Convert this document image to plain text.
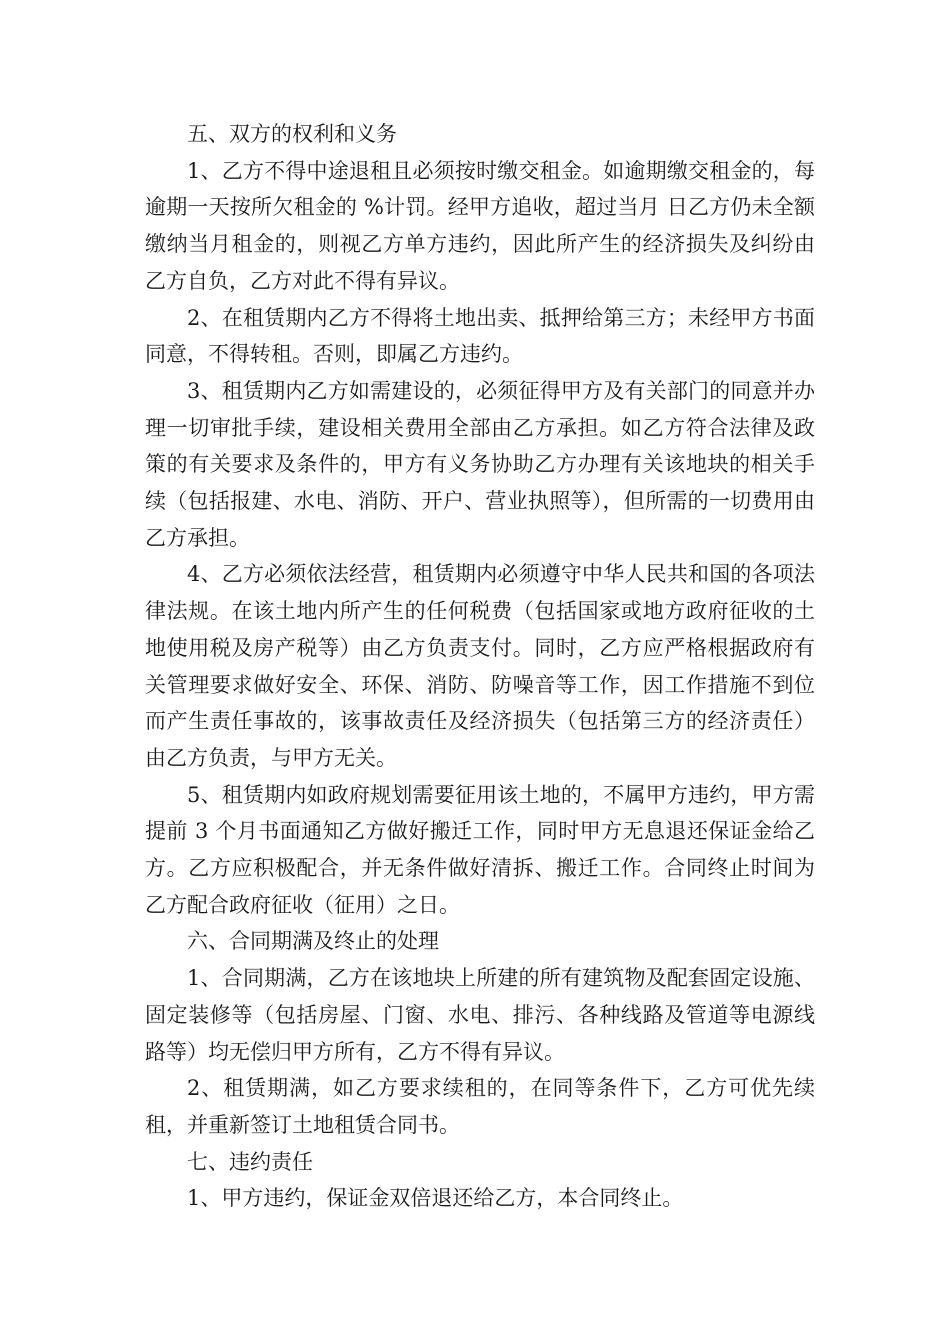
五、双方的权利和义务

1、乙方不得中途退租且必须按时缴交租金。如逾期缴交租金的，每逾期一天按所欠租金的 %计罚。经甲方追收，超过当月 日乙方仍未全额缴纳当月租金的，则视乙方单方违约，因此所产生的经济损失及纠纷由乙方自负，乙方对此不得有异议。

2、在租赁期内乙方不得将土地出卖、抵押给第三方；未经甲方书面同意，不得转租。否则，即属乙方违约。

3、租赁期内乙方如需建设的，必须征得甲方及有关部门的同意并办理一切审批手续，建设相关费用全部由乙方承担。如乙方符合法律及政策的有关要求及条件的，甲方有义务协助乙方办理有关该地块的相关手续（包括报建、水电、消防、开户、营业执照等），但所需的一切费用由乙方承担。

4、乙方必须依法经营，租赁期内必须遵守中华人民共和国的各项法律法规。在该土地内所产生的任何税费（包括国家或地方政府征收的土地使用税及房产税等）由乙方负责支付。同时，乙方应严格根据政府有关管理要求做好安全、环保、消防、防噪音等工作，因工作措施不到位而产生责任事故的，该事故责任及经济损失（包括第三方的经济责任）由乙方负责，与甲方无关。

5、租赁期内如政府规划需要征用该土地的，不属甲方违约，甲方需提前 3 个月书面通知乙方做好搬迁工作，同时甲方无息退还保证金给乙方。乙方应积极配合，并无条件做好清拆、搬迁工作。合同终止时间为乙方配合政府征收（征用）之日。

六、合同期满及终止的处理

1、合同期满，乙方在该地块上所建的所有建筑物及配套固定设施、固定装修等（包括房屋、门窗、水电、排污、各种线路及管道等电源线路等）均无偿归甲方所有，乙方不得有异议。

2、租赁期满，如乙方要求续租的，在同等条件下，乙方可优先续租，并重新签订土地租赁合同书。

七、违约责任

1、甲方违约，保证金双倍退还给乙方，本合同终止。
